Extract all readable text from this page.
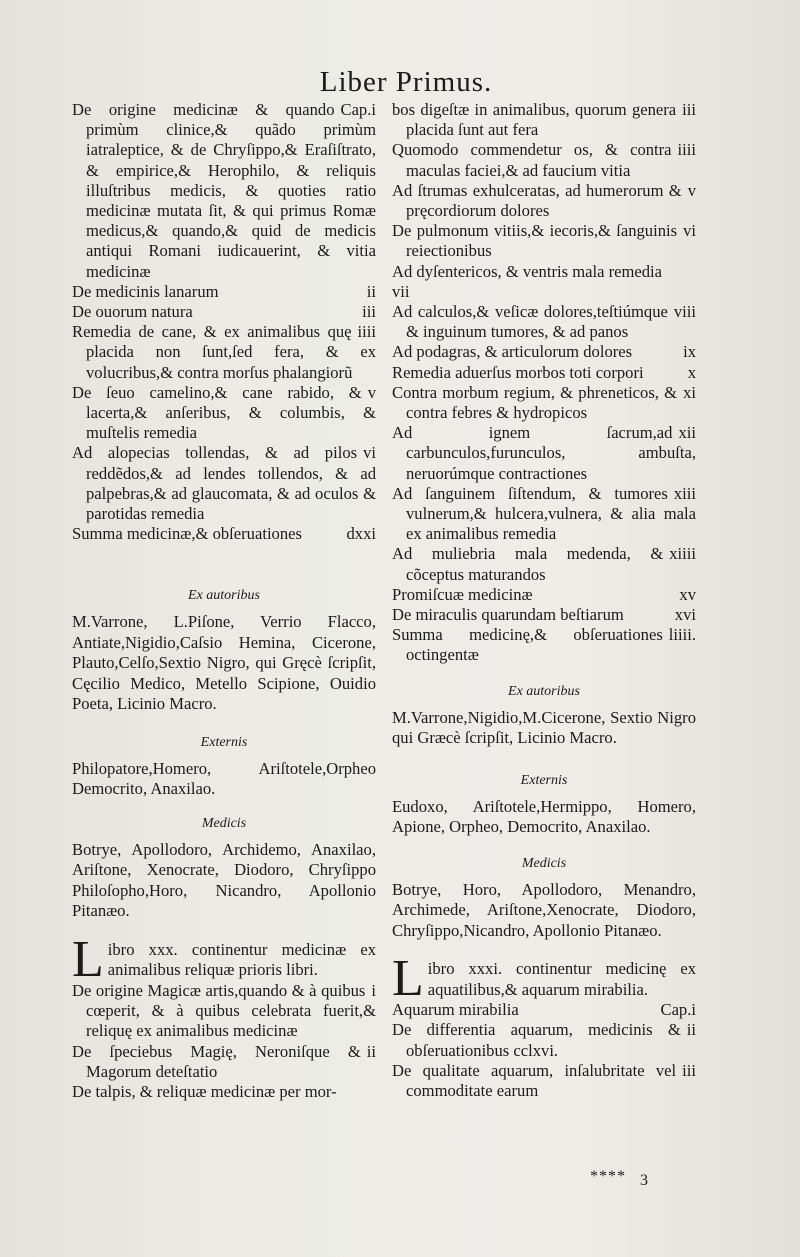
Liber Primus.
Cap.i
De origine medicinæ & quando primùm clinice,& quãdo primùm iatraleptice, & de Chryſippo,& Eraſiſtrato, & empirice,& Herophilo, & reliquis illuſtribus medicis, & quoties ratio medicinæ mutata ſit, & qui primus Romæ medicus,& quando,& quid de medicis antiqui Romani iudicauerint, & vitia medicinæ
ii
De medicinis lanarum
iii
De ouorum natura
iiii
Remedia de cane, & ex animalibus quę placida non ſunt,ſed fera, & ex volucribus,& contra morſus phalangiorũ
v
De ſeuo camelino,& cane rabido, & lacerta,& anſeribus, & columbis, & muſtelis remedia
vi
Ad alopecias tollendas, & ad pilos reddẽdos,& ad lendes tollendos, & ad palpebras,& ad glaucomata, & ad oculos & parotidas remedia
dxxi
Summa medicinæ,& obſeruationes
Ex autoribus
M.Varrone, L.Piſone, Verrio Flacco, Antiate,Nigidio,Caſsio Hemina, Cicerone, Plauto,Celſo,Sextio Nigro, qui Gręcè ſcripſit, Cęcilio Medico, Metello Scipione, Ouidio Poeta, Licinio Macro.
Externis
Philopatore,Homero, Ariſtotele,Orpheo Democrito, Anaxilao.
Medicis
Botrye, Apollodoro, Archidemo, Anaxilao, Ariſtone, Xenocrate, Diodoro, Chryſippo Philoſopho,Horo, Nicandro, Apollonio Pitanæo.
Libro xxx. continentur medicinæ ex animalibus reliquæ prioris libri.
i
De origine Magicæ artis,quando & à quibus cœperit, & à quibus celebrata fuerit,& reliquę ex animalibus medicinæ
ii
De ſpeciebus Magię, Neroniſque & Magorum deteſtatio
De talpis, & reliquæ medicinæ per mor-
iii
bos digeſtæ in animalibus, quorum genera placida ſunt aut fera
iiii
Quomodo commendetur os, & contra maculas faciei,& ad faucium vitia
v
Ad ſtrumas exhulceratas, ad humerorum & pręcordiorum dolores
vi
De pulmonum vitiis,& iecoris,& ſanguinis reiectionibus
Ad dyſentericos, & ventris mala remedia
vii
viii
Ad calculos,& veſicæ dolores,teſtiúmque & inguinum tumores, & ad panos
ix
Ad podagras, & articulorum dolores
x
Remedia aduerſus morbos toti corpori
xi
Contra morbum regium, & phreneticos, & contra febres & hydropicos
xii
Ad ignem ſacrum,ad carbunculos,furunculos, ambuſta, neruorúmque contractiones
xiii
Ad ſanguinem ſiſtendum, & tumores vulnerum,& hulcera,vulnera, & alia mala ex animalibus remedia
xiiii
Ad muliebria mala medenda, & cõceptus maturandos
xv
Promiſcuæ medicinæ
xvi
De miraculis quarundam beſtiarum
liiii.
Summa medicinę,& obſeruationes octingentæ
Ex autoribus
M.Varrone,Nigidio,M.Cicerone, Sextio Nigro qui Græcè ſcripſit, Licinio Macro.
Externis
Eudoxo, Ariſtotele,Hermippo, Homero, Apione, Orpheo, Democrito, Anaxilao.
Medicis
Botrye, Horo, Apollodoro, Menandro, Archimede, Ariſtone,Xenocrate, Diodoro, Chryſippo,Nicandro, Apollonio Pitanæo.
Libro xxxi. continentur medicinę ex aquatilibus,& aquarum mirabilia.
Cap.i
Aquarum mirabilia
ii
De differentia aquarum, medicinis & obſeruationibus cclxvi.
iii
De qualitate aquarum, inſalubritate vel commoditate earum
**** 3
